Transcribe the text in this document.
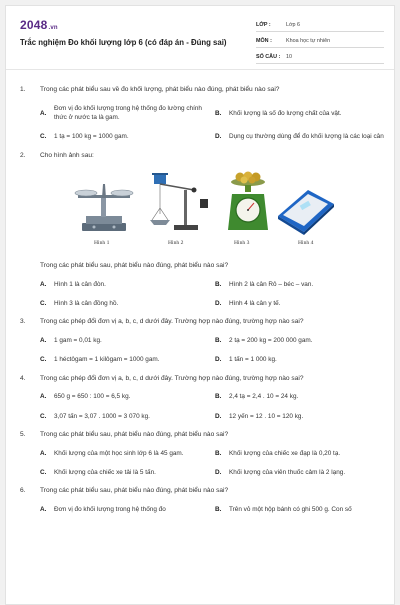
2048.vn
Trắc nghiệm Đo khối lượng lớp 6 (có đáp án - Đúng sai)
LỚP :	Lớp 6
MÔN :	Khoa học tự nhiên
SỐ CÂU :	10
1.	Trong các phát biểu sau về đo khối lượng, phát biểu nào đúng, phát biểu nào sai?
A.
Đơn vị đo khối lượng trong hệ thống đo lường chính thức ở nước ta là gam.
B.	Khối lượng là số đo lượng chất của vật.
C.	1 tạ = 100 kg = 1000 gam.	D.	Dụng cụ thường dùng để đo khối lượng là các loại cân
2.	Cho hình ảnh sau:
Hình 1	Hình 2	Hình 3	Hình 4
Trong các phát biểu sau, phát biểu nào đúng, phát biểu nào sai?
A.	Hình 1 là cân đòn.	B.	Hình 2 là cân Rô – béc – van.
C.	Hình 3 là cân đồng hồ.	D.	Hình 4 là cân y tế.
3.	Trong các phép đổi đơn vị a, b, c, d dưới đây. Trường hợp nào đúng, trường hợp nào sai?
A.	1 gam = 0,01 kg.	B.	2 tạ = 200 kg = 200 000 gam.
C.	1 héctôgam = 1 kilôgam = 1000 gam.	D.	1 tấn = 1 000 kg.
4.	Trong các phép đổi đơn vị a, b, c, d dưới đây. Trường hợp nào đúng, trường hợp nào sai?
A.	650 g = 650 : 100 = 6,5 kg.	B.	2,4 tạ = 2,4 . 10 = 24 kg.
C.	3,07 tấn = 3,07 . 1000 = 3 070 kg.	D.	12 yến = 12 . 10 = 120 kg.
5.	Trong các phát biểu sau, phát biểu nào đúng, phát biểu nào sai?
A.	Khối lượng của một học sinh lớp 6 là 45 gam.	B.	Khối lượng của chiếc xe đạp là 0,20 tạ.
C.	Khối lượng của chiếc xe tải là 5 tấn.	D.	Khối lượng của viên thuốc cảm là 2 lạng.
6.	Trong các phát biểu sau, phát biểu nào đúng, phát biểu nào sai?
A.	Đơn vị đo khối lượng trong hệ thống đo	B.	Trên vỏ một hộp bánh có ghi 500 g. Con số
